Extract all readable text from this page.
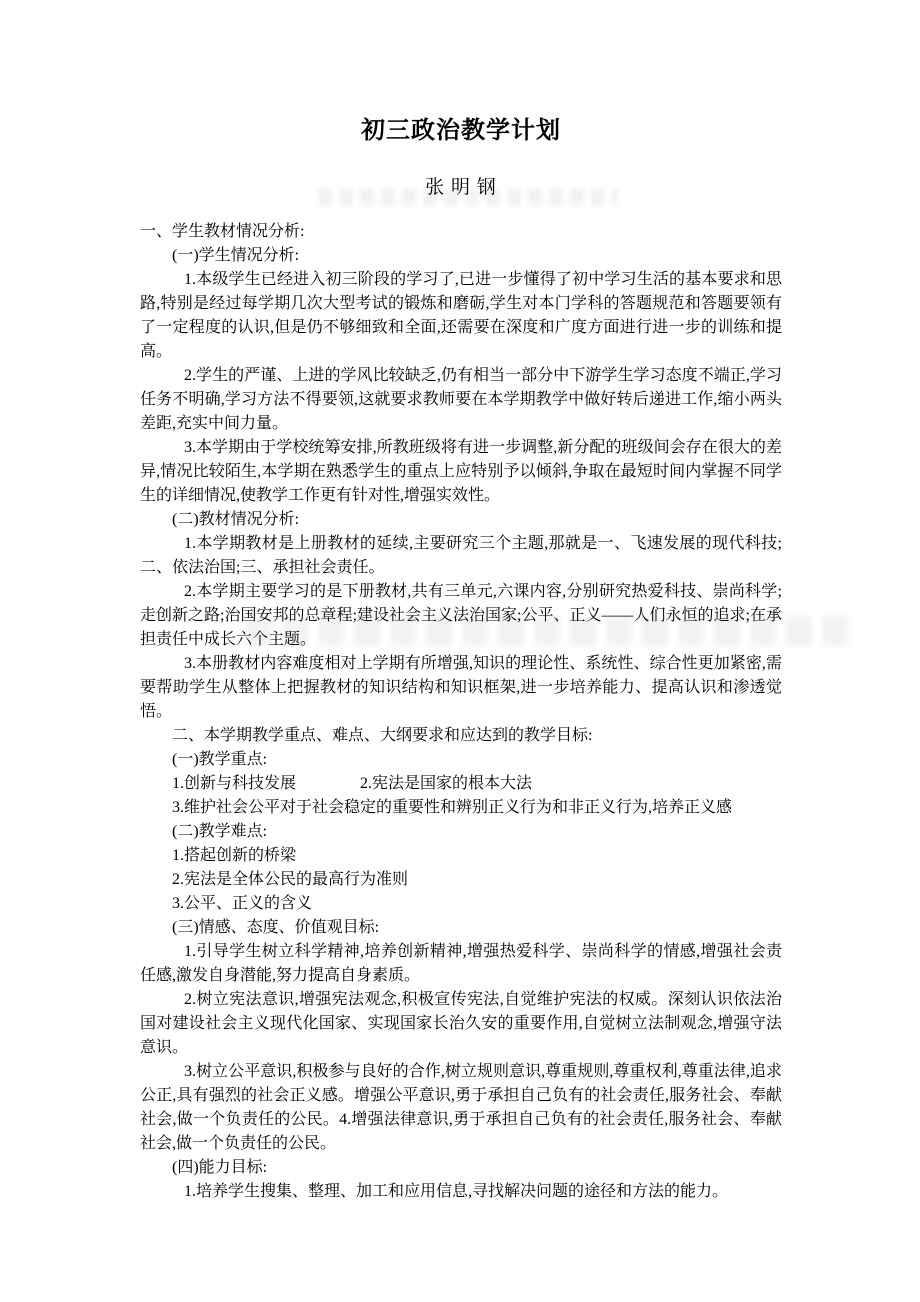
初三政治教学计划
张 明 钢

一、学生教材情况分析:

(一)学生情况分析:

1.本级学生已经进入初三阶段的学习了,已进一步懂得了初中学习生活的基本要求和思路,特别是经过每学期几次大型考试的锻炼和磨砺,学生对本门学科的答题规范和答题要领有了一定程度的认识,但是仍不够细致和全面,还需要在深度和广度方面进行进一步的训练和提高。

2.学生的严谨、上进的学风比较缺乏,仍有相当一部分中下游学生学习态度不端正,学习任务不明确,学习方法不得要领,这就要求教师要在本学期教学中做好转后递进工作,缩小两头差距,充实中间力量。

3.本学期由于学校统筹安排,所教班级将有进一步调整,新分配的班级间会存在很大的差异,情况比较陌生,本学期在熟悉学生的重点上应特别予以倾斜,争取在最短时间内掌握不同学生的详细情况,使教学工作更有针对性,增强实效性。

(二)教材情况分析:

1.本学期教材是上册教材的延续,主要研究三个主题,那就是一、飞速发展的现代科技;二、依法治国;三、承担社会责任。

2.本学期主要学习的是下册教材,共有三单元,六课内容,分别研究热爱科技、崇尚科学;走创新之路;治国安邦的总章程;建设社会主义法治国家;公平、正义——人们永恒的追求;在承担责任中成长六个主题。

3.本册教材内容难度相对上学期有所增强,知识的理论性、系统性、综合性更加紧密,需要帮助学生从整体上把握教材的知识结构和知识框架,进一步培养能力、提高认识和渗透觉悟。

二、本学期教学重点、难点、大纲要求和应达到的教学目标:

(一)教学重点:

1.创新与科技发展　　　　2.宪法是国家的根本大法

3.维护社会公平对于社会稳定的重要性和辨别正义行为和非正义行为,培养正义感

(二)教学难点:

1.搭起创新的桥梁

2.宪法是全体公民的最高行为准则

3.公平、正义的含义

(三)情感、态度、价值观目标:

1.引导学生树立科学精神,培养创新精神,增强热爱科学、崇尚科学的情感,增强社会责任感,激发自身潜能,努力提高自身素质。

2.树立宪法意识,增强宪法观念,积极宣传宪法,自觉维护宪法的权威。深刻认识依法治国对建设社会主义现代化国家、实现国家长治久安的重要作用,自觉树立法制观念,增强守法意识。

3.树立公平意识,积极参与良好的合作,树立规则意识,尊重规则,尊重权利,尊重法律,追求公正,具有强烈的社会正义感。增强公平意识,勇于承担自己负有的社会责任,服务社会、奉献社会,做一个负责任的公民。4.增强法律意识,勇于承担自己负有的社会责任,服务社会、奉献社会,做一个负责任的公民。

(四)能力目标:

1.培养学生搜集、整理、加工和应用信息,寻找解决问题的途径和方法的能力。
